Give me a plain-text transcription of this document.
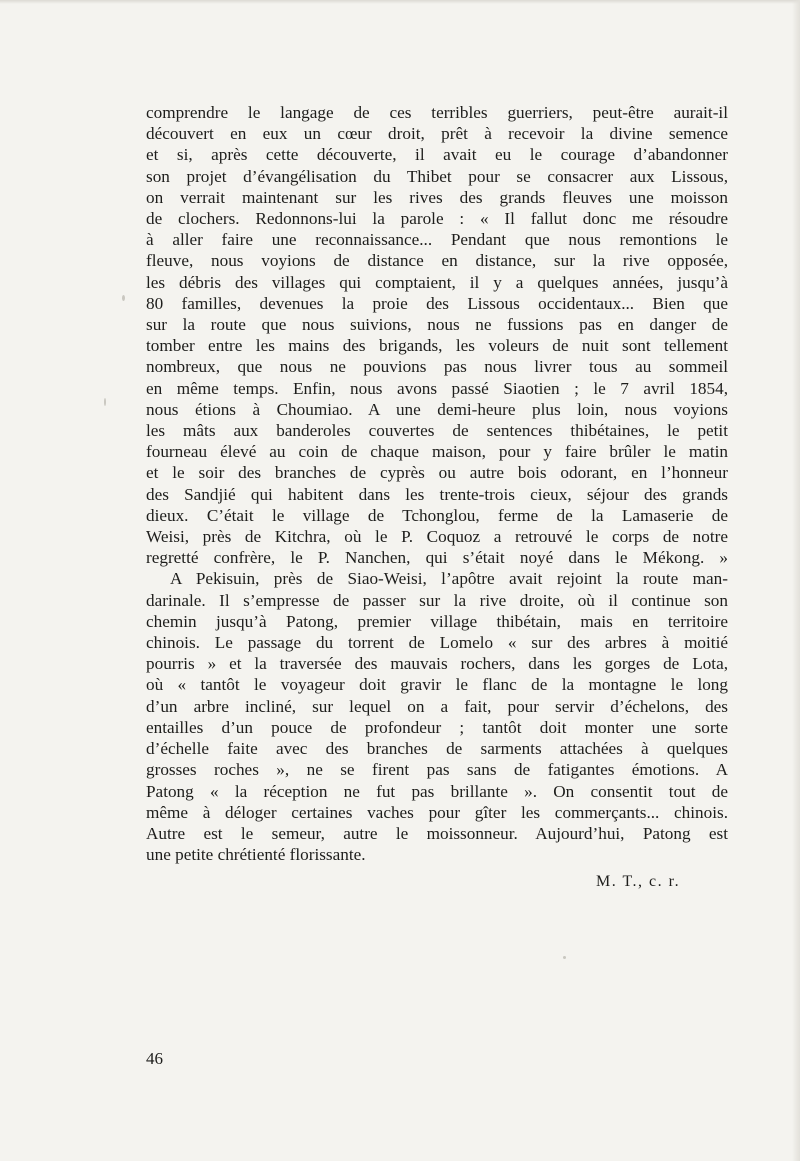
comprendre le langage de ces terribles guerriers, peut-être aurait-il
découvert en eux un cœur droit, prêt à recevoir la divine semence
et si, après cette découverte, il avait eu le courage d’abandonner
son projet d’évangélisation du Thibet pour se consacrer aux Lissous,
on verrait maintenant sur les rives des grands fleuves une moisson
de clochers. Redonnons-lui la parole : « Il fallut donc me résoudre
à aller faire une reconnaissance... Pendant que nous remontions le
fleuve, nous voyions de distance en distance, sur la rive opposée,
les débris des villages qui comptaient, il y a quelques années, jusqu’à
80 familles, devenues la proie des Lissous occidentaux... Bien que
sur la route que nous suivions, nous ne fussions pas en danger de
tomber entre les mains des brigands, les voleurs de nuit sont tellement
nombreux, que nous ne pouvions pas nous livrer tous au sommeil
en même temps. Enfin, nous avons passé Siaotien ; le 7 avril 1854,
nous étions à Choumiao. A une demi-heure plus loin, nous voyions
les mâts aux banderoles couvertes de sentences thibétaines, le petit
fourneau élevé au coin de chaque maison, pour y faire brûler le matin
et le soir des branches de cyprès ou autre bois odorant, en l’honneur
des Sandjié qui habitent dans les trente-trois cieux, séjour des grands
dieux. C’était le village de Tchonglou, ferme de la Lamaserie de
Weisi, près de Kitchra, où le P. Coquoz a retrouvé le corps de notre
regretté confrère, le P. Nanchen, qui s’était noyé dans le Mékong. »
A Pekisuin, près de Siao-Weisi, l’apôtre avait rejoint la route man-
darinale. Il s’empresse de passer sur la rive droite, où il continue son
chemin jusqu’à Patong, premier village thibétain, mais en territoire
chinois. Le passage du torrent de Lomelo « sur des arbres à moitié
pourris » et la traversée des mauvais rochers, dans les gorges de Lota,
où « tantôt le voyageur doit gravir le flanc de la montagne le long
d’un arbre incliné, sur lequel on a fait, pour servir d’échelons, des
entailles d’un pouce de profondeur ; tantôt doit monter une sorte
d’échelle faite avec des branches de sarments attachées à quelques
grosses roches », ne se firent pas sans de fatigantes émotions. A
Patong « la réception ne fut pas brillante ». On consentit tout de
même à déloger certaines vaches pour gîter les commerçants... chinois.
Autre est le semeur, autre le moissonneur. Aujourd’hui, Patong est
une petite chrétienté florissante.
M. T., c. r.
46
